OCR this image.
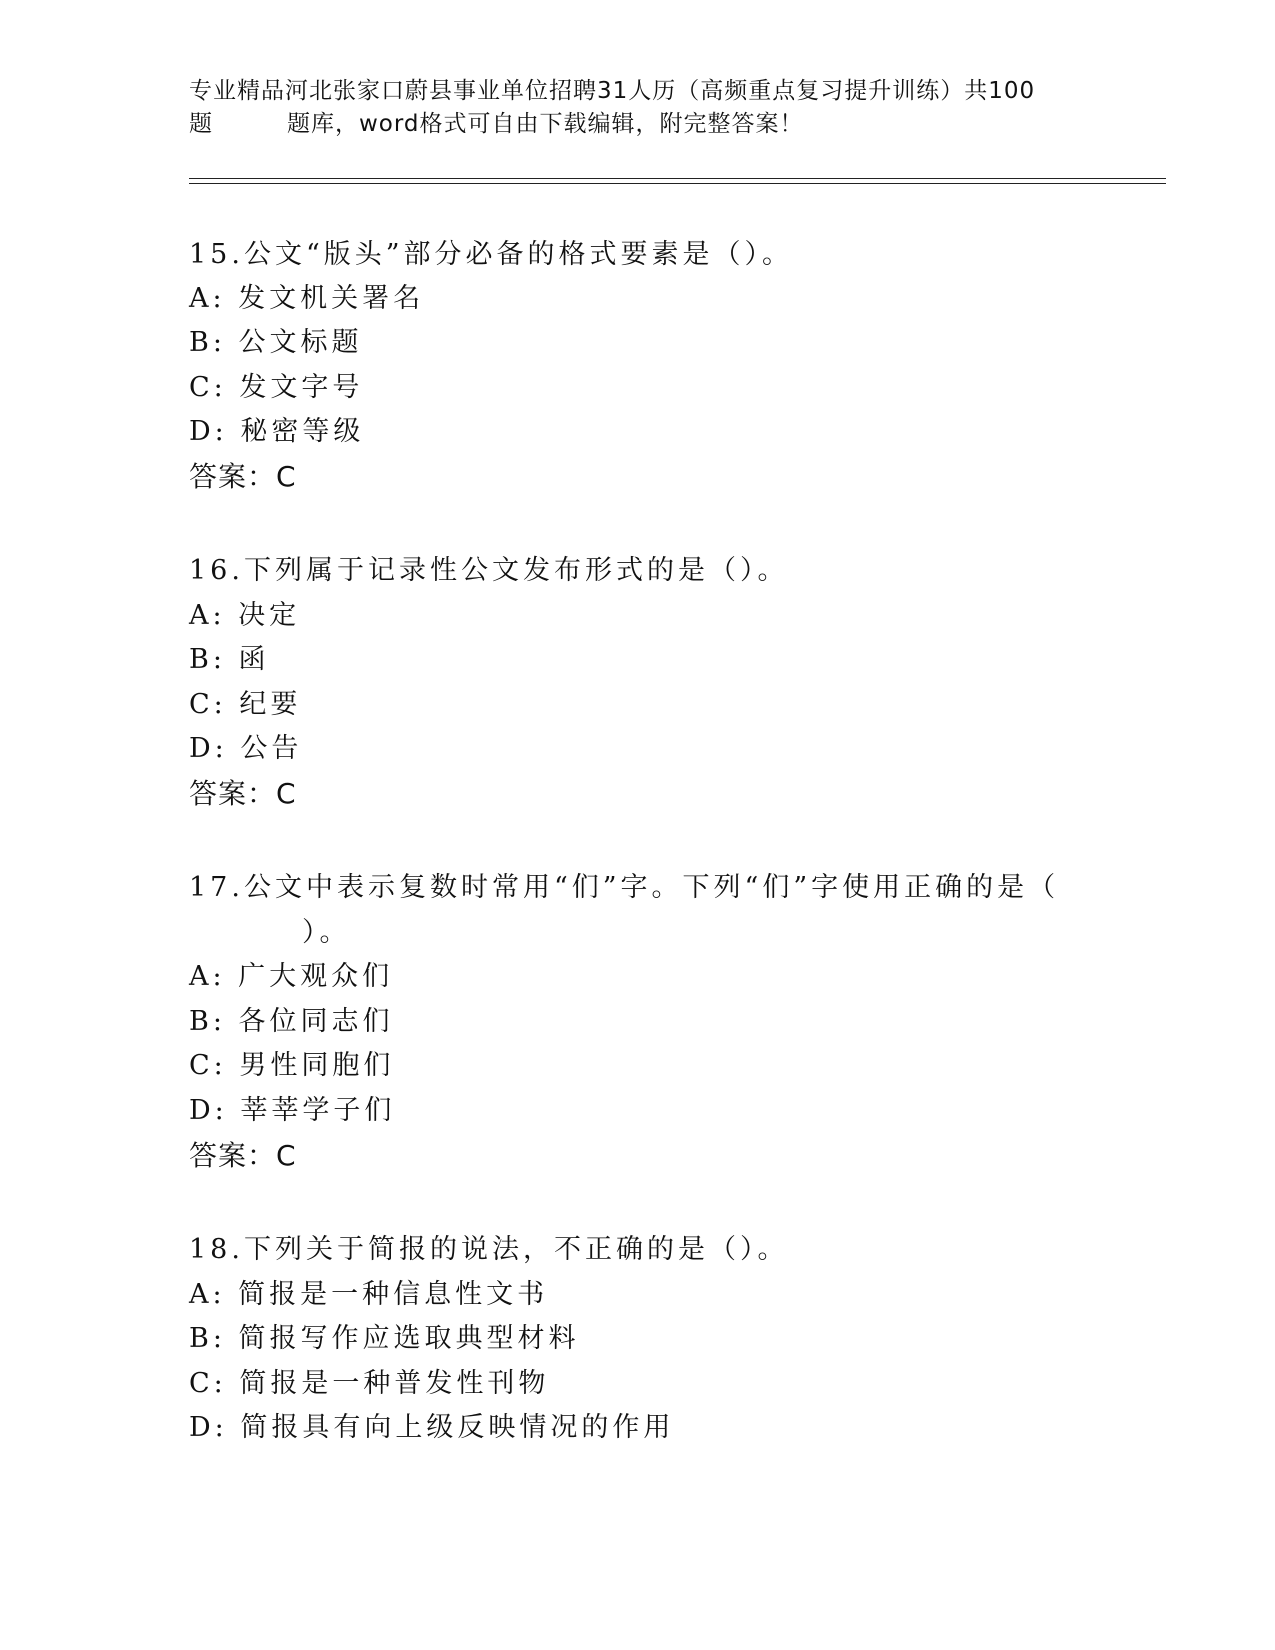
专业精品河北张家口蔚县事业单位招聘31人历（高频重点复习提升训练）共100
题	题库，word格式可自由下载编辑，附完整答案！
15.公文“版头”部分必备的格式要素是（）。
A: 发文机关署名
B: 公文标题
C: 发文字号
D: 秘密等级
答案：C
16.下列属于记录性公文发布形式的是（）。
A: 决定
B: 函
C: 纪要
D: 公告
答案：C
17.公文中表示复数时常用“们”字。下列“们”字使用正确的是（
）。
A: 广大观众们
B: 各位同志们
C: 男性同胞们
D: 莘莘学子们
答案：C
18.下列关于简报的说法，不正确的是（）。
A: 简报是一种信息性文书
B: 简报写作应选取典型材料
C: 简报是一种普发性刊物
D: 简报具有向上级反映情况的作用
